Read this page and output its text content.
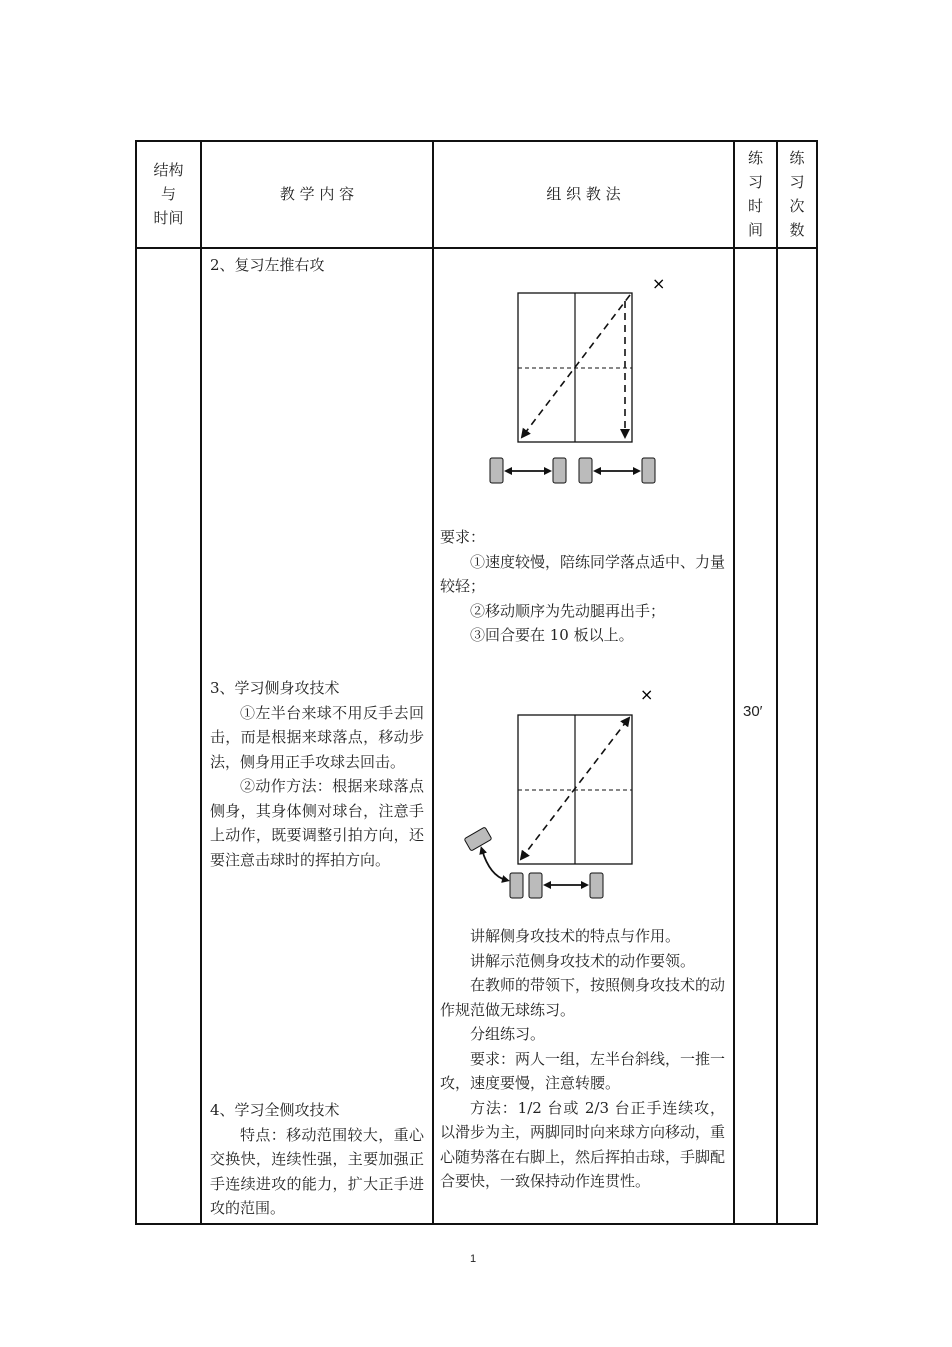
结构
与
时间
教 学 内 容	组 织 教 法
练
习
时
间
练
习
次
数
2、复习左推右攻
3、学习侧身攻技术
①左半台来球不用反手去回击，而是根据来球落点，移动步法，侧身用正手攻球去回击。
②动作方法：根据来球落点侧身，其身体侧对球台，注意手上动作，既要调整引拍方向，还要注意击球时的挥拍方向。
4、学习全侧攻技术
特点：移动范围较大，重心交换快，连续性强，主要加强正手连续进攻的能力，扩大正手进攻的范围。
×
要求：
①速度较慢，陪练同学落点适中、力量较轻；
②移动顺序为先动腿再出手；
③回合要在 10 板以上。
×
讲解侧身攻技术的特点与作用。
讲解示范侧身攻技术的动作要领。
在教师的带领下，按照侧身攻技术的动作规范做无球练习。
分组练习。
要求：两人一组，左半台斜线，一推一攻，速度要慢，注意转腰。
方法：1/2 台或 2/3 台正手连续攻，以滑步为主，两脚同时向来球方向移动，重心随势落在右脚上，然后挥拍击球，手脚配合要快，一致保持动作连贯性。
30′
1
